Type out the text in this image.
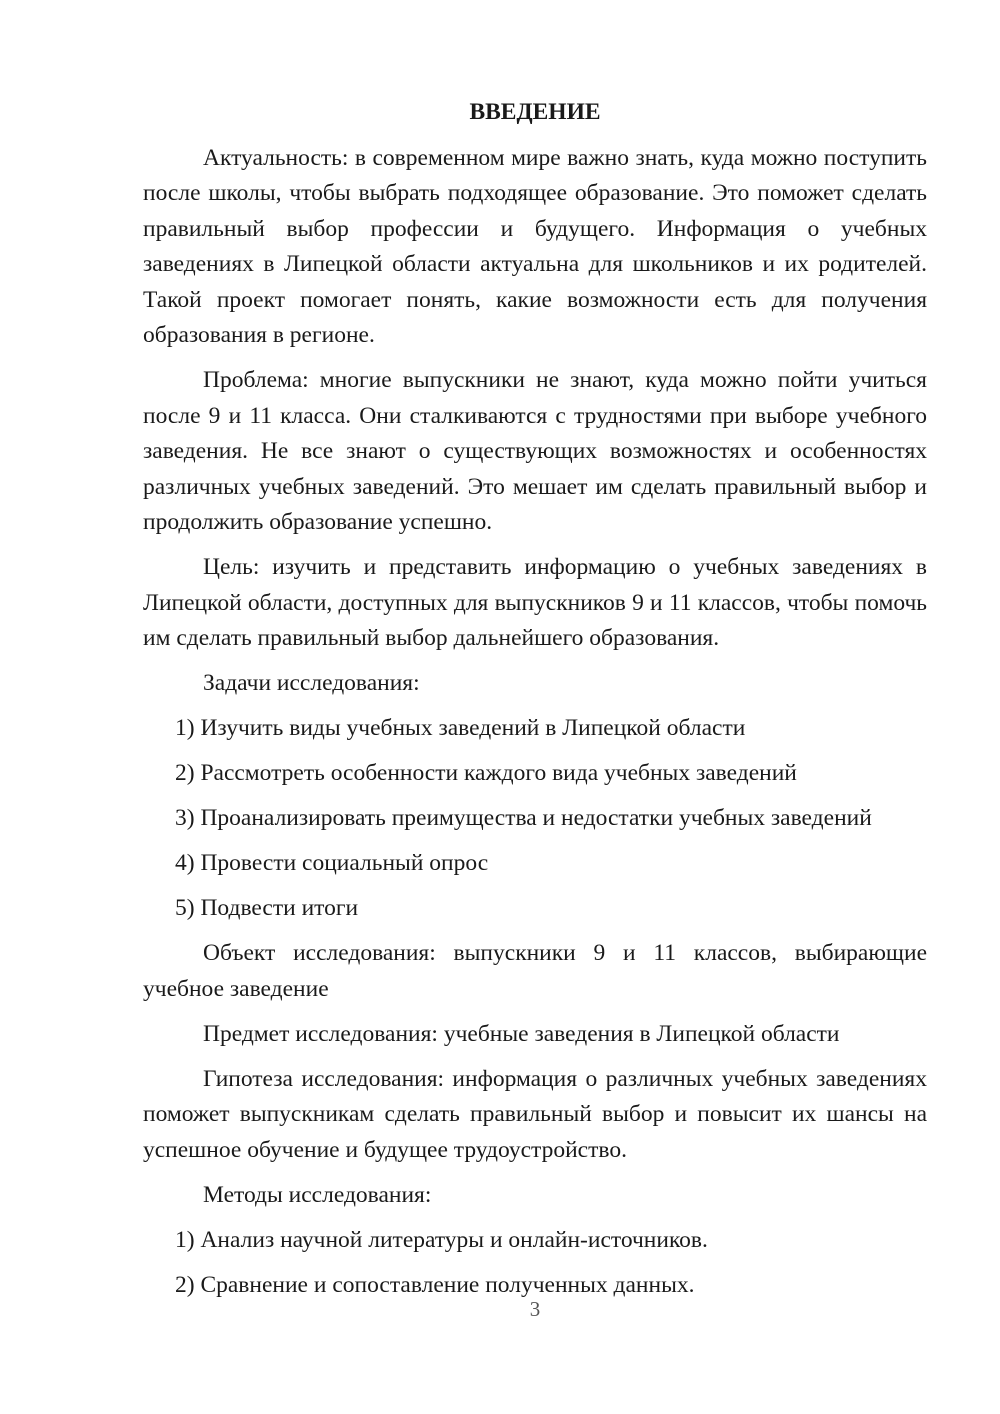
ВВЕДЕНИЕ

Актуальность: в современном мире важно знать, куда можно поступить после школы, чтобы выбрать подходящее образование. Это поможет сделать правильный выбор профессии и будущего. Информация о учебных заведениях в Липецкой области актуальна для школьников и их родителей. Такой проект помогает понять, какие возможности есть для получения образования в регионе.

Проблема: многие выпускники не знают, куда можно пойти учиться после 9 и 11 класса. Они сталкиваются с трудностями при выборе учебного заведения. Не все знают о существующих возможностях и особенностях различных учебных заведений. Это мешает им сделать правильный выбор и продолжить образование успешно.

Цель: изучить и представить информацию о учебных заведениях в Липецкой области, доступных для выпускников 9 и 11 классов, чтобы помочь им сделать правильный выбор дальнейшего образования.

Задачи исследования:

1) Изучить виды учебных заведений в Липецкой области

2) Рассмотреть особенности каждого вида учебных заведений

3) Проанализировать преимущества и недостатки учебных заведений

4) Провести социальный опрос

5) Подвести итоги

Объект исследования: выпускники 9 и 11 классов, выбирающие учебное заведение

Предмет исследования: учебные заведения в Липецкой области

Гипотеза исследования: информация о различных учебных заведениях поможет выпускникам сделать правильный выбор и повысит их шансы на успешное обучение и будущее трудоустройство.

Методы исследования:

1) Анализ научной литературы и онлайн-источников.

2) Сравнение и сопоставление полученных данных.

3
